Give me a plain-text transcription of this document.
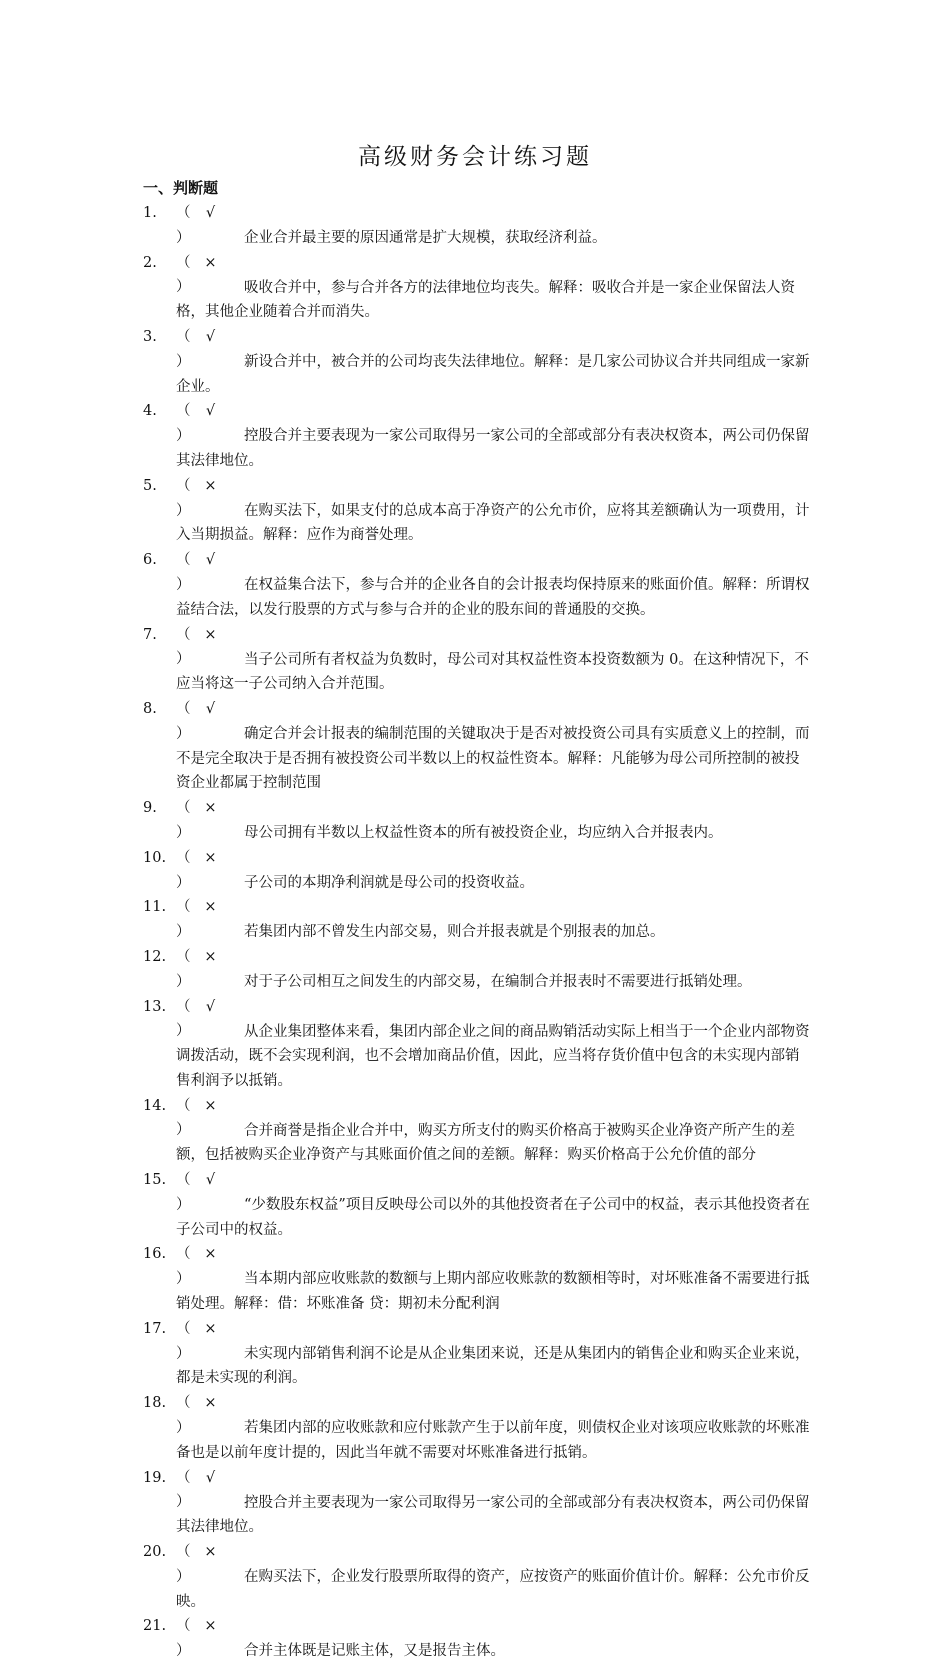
高级财务会计练习题
一、判断题
1. （ √）	企业合并最主要的原因通常是扩大规模，获取经济利益。
2. （ ×）	吸收合并中，参与合并各方的法律地位均丧失。解释：吸收合并是一家企业保留法人资格，其他企业随着合并而消失。
3. （ √）	新设合并中，被合并的公司均丧失法律地位。解释：是几家公司协议合并共同组成一家新企业。
4. （ √）	控股合并主要表现为一家公司取得另一家公司的全部或部分有表决权资本，两公司仍保留其法律地位。
5. （ ×）	在购买法下，如果支付的总成本高于净资产的公允市价，应将其差额确认为一项费用，计入当期损益。解释：应作为商誉处理。
6. （ √）	在权益集合法下，参与合并的企业各自的会计报表均保持原来的账面价值。解释：所谓权益结合法，以发行股票的方式与参与合并的企业的股东间的普通股的交换。
7. （ ×）	当子公司所有者权益为负数时，母公司对其权益性资本投资数额为 0。在这种情况下，不应当将这一子公司纳入合并范围。
8. （ √）	确定合并会计报表的编制范围的关键取决于是否对被投资公司具有实质意义上的控制，而不是完全取决于是否拥有被投资公司半数以上的权益性资本。解释：凡能够为母公司所控制的被投资企业都属于控制范围
9. （ ×）	母公司拥有半数以上权益性资本的所有被投资企业，均应纳入合并报表内。
10. （ ×）	子公司的本期净利润就是母公司的投资收益。
11. （ ×）	若集团内部不曾发生内部交易，则合并报表就是个别报表的加总。
12. （ ×）	对于子公司相互之间发生的内部交易，在编制合并报表时不需要进行抵销处理。
13. （ √）	从企业集团整体来看，集团内部企业之间的商品购销活动实际上相当于一个企业内部物资调拨活动，既不会实现利润，也不会增加商品价值，因此，应当将存货价值中包含的未实现内部销售利润予以抵销。
14. （ ×）	合并商誉是指企业合并中，购买方所支付的购买价格高于被购买企业净资产所产生的差额，包括被购买企业净资产与其账面价值之间的差额。解释：购买价格高于公允价值的部分
15. （ √）	“少数股东权益”项目反映母公司以外的其他投资者在子公司中的权益，表示其他投资者在子公司中的权益。
16. （ ×）	当本期内部应收账款的数额与上期内部应收账款的数额相等时，对坏账准备不需要进行抵销处理。解释：借：坏账准备 贷：期初未分配利润
17. （ ×）	未实现内部销售利润不论是从企业集团来说，还是从集团内的销售企业和购买企业来说，都是未实现的利润。
18. （ ×）	若集团内部的应收账款和应付账款产生于以前年度，则债权企业对该项应收账款的坏账准备也是以前年度计提的，因此当年就不需要对坏账准备进行抵销。
19. （ √）	控股合并主要表现为一家公司取得另一家公司的全部或部分有表决权资本，两公司仍保留其法律地位。
20. （ ×）	在购买法下，企业发行股票所取得的资产，应按资产的账面价值计价。解释：公允市价反映。
21. （ ×）	合并主体既是记账主体，又是报告主体。
